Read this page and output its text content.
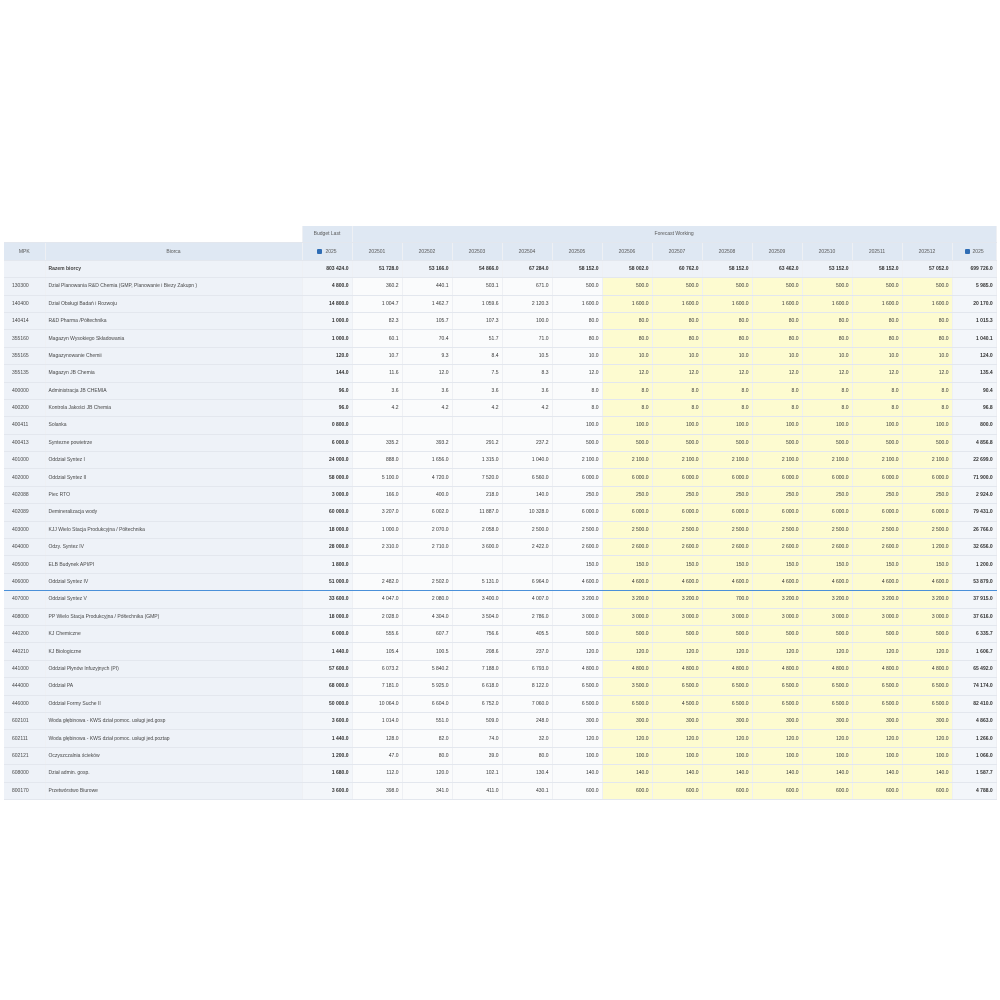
		Budget Last	Forecast Working												
MPK	Biorca	2025	202501	202502	202503	202504	202505	202506	202507	202508	202509	202510	202511	202512	2025
	Razem biorcy	803 424.0	51 728.0	53 166.0	54 866.0	67 284.0	58 152.0	58 002.0	60 762.0	58 152.0	63 462.0	53 152.0	58 152.0	57 052.0	699 726.0
130300	Dział Planowania R&D Chemia (GMP, Planowanie i Biezy Zakupn )	4 800.0	360.2	440.1	503.1	671.0	500.0	500.0	500.0	500.0	500.0	500.0	500.0	500.0	5 985.0
140400	Dział Obsługi Badań i Rozwoju	14 800.0	1 004.7	1 462.7	1 059.6	2 120.3	1 600.0	1 600.0	1 600.0	1 600.0	1 600.0	1 600.0	1 600.0	1 600.0	20 170.0
140414	R&D Pharma /Półtechnika	1 000.0	82.3	105.7	107.3	100.0	80.0	80.0	80.0	80.0	80.0	80.0	80.0	80.0	1 015.3
355160	Magazyn Wysokiego Składowania	1 000.0	60.1	70.4	51.7	71.0	80.0	80.0	80.0	80.0	80.0	80.0	80.0	80.0	1 040.1
355165	Magazynowanie Chemii	120.0	10.7	9.3	8.4	10.5	10.0	10.0	10.0	10.0	10.0	10.0	10.0	10.0	124.0
355135	Magazyn JB Chemia	144.0	11.6	12.0	7.5	8.3	12.0	12.0	12.0	12.0	12.0	12.0	12.0	12.0	135.4
400000	Administracja JB CHEMIA	96.0	3.6	3.6	3.6	3.6	8.0	8.0	8.0	8.0	8.0	8.0	8.0	8.0	90.4
400200	Kontrola Jakości JB Chemia	96.0	4.2	4.2	4.2	4.2	8.0	8.0	8.0	8.0	8.0	8.0	8.0	8.0	96.8
400411	Solanka	0 800.0					100.0	100.0	100.0	100.0	100.0	100.0	100.0	100.0	800.0
400413	Syntezne powietrze	6 000.0	335.2	393.2	291.2	237.2	500.0	500.0	500.0	500.0	500.0	500.0	500.0	500.0	4 856.8
401000	Oddział Syntez I	24 000.0	888.0	1 656.0	1 315.0	1 040.0	2 100.0	2 100.0	2 100.0	2 100.0	2 100.0	2 100.0	2 100.0	2 100.0	22 699.0
402000	Oddział Syntez II	58 000.0	5 100.0	4 720.0	7 520.0	6 560.0	6 000.0	6 000.0	6 000.0	6 000.0	6 000.0	6 000.0	6 000.0	6 000.0	71 900.0
402088	Piec RTO	3 000.0	166.0	400.0	218.0	140.0	250.0	250.0	250.0	250.0	250.0	250.0	250.0	250.0	2 924.0
402089	Demineralizacja wody	60 000.0	3 207.0	6 002.0	11 887.0	10 328.0	6 000.0	6 000.0	6 000.0	6 000.0	6 000.0	6 000.0	6 000.0	6 000.0	79 431.0
403000	KJJ Wielo Stacja Produkcyjna / Półtechnika	18 000.0	1 000.0	2 070.0	2 058.0	2 500.0	2 500.0	2 500.0	2 500.0	2 500.0	2 500.0	2 500.0	2 500.0	2 500.0	26 766.0
404000	Odzy. Syntez IV	28 000.0	2 310.0	2 710.0	3 600.0	2 422.0	2 600.0	2 600.0	2 600.0	2 600.0	2 600.0	2 600.0	2 600.0	1 200.0	32 656.0
405000	ELB Budynek API/PI	1 800.0					150.0	150.0	150.0	150.0	150.0	150.0	150.0	150.0	1 200.0
406000	Oddział Syntez IV	51 000.0	2 482.0	2 502.0	5 131.0	6 964.0	4 600.0	4 600.0	4 600.0	4 600.0	4 600.0	4 600.0	4 600.0	4 600.0	53 879.0
407000	Oddział Syntez V	33 600.0	4 047.0	2 080.0	3 400.0	4 007.0	3 200.0	3 200.0	3 200.0	700.0	3 200.0	3 200.0	3 200.0	3 200.0	37 915.0
408000	PP Wielo Stacja Produkcyjna / Półtechnika (GMP)	18 000.0	2 028.0	4 304.0	3 504.0	2 786.0	3 000.0	3 000.0	3 000.0	3 000.0	3 000.0	3 000.0	3 000.0	3 000.0	37 616.0
440200	KJ Chemiczne	6 000.0	555.6	607.7	756.6	405.5	500.0	500.0	500.0	500.0	500.0	500.0	500.0	500.0	6 335.7
440210	KJ Biologiczne	1 440.0	105.4	100.5	208.6	237.0	120.0	120.0	120.0	120.0	120.0	120.0	120.0	120.0	1 606.7
441000	Oddział Płynów Infuzyjnych (PI)	57 600.0	6 073.2	5 840.2	7 188.0	6 793.0	4 800.0	4 800.0	4 800.0	4 800.0	4 800.0	4 800.0	4 800.0	4 800.0	65 492.0
444000	Oddział PA	68 000.0	7 181.0	5 925.0	6 618.0	8 122.0	6 500.0	3 500.0	6 500.0	6 500.0	6 500.0	6 500.0	6 500.0	6 500.0	74 174.0
446000	Oddział Formy Suche II	50 000.0	10 064.0	6 604.0	6 752.0	7 060.0	6 500.0	6 500.0	4 500.0	6 500.0	6 500.0	6 500.0	6 500.0	6 500.0	82 410.0
602101	Woda głębinowa - KWS dział pomoc. usługi jed.gosp	3 600.0	1 014.0	551.0	509.0	248.0	300.0	300.0	300.0	300.0	300.0	300.0	300.0	300.0	4 863.0
602111	Woda głębinowa - KWS dział pomoc. usługi jed.poztap	1 440.0	128.0	82.0	74.0	32.0	120.0	120.0	120.0	120.0	120.0	120.0	120.0	120.0	1 266.0
602121	Oczyszczalnia ścieków	1 200.0	47.0	80.0	39.0	80.0	100.0	100.0	100.0	100.0	100.0	100.0	100.0	100.0	1 066.0
608000	Dział admin. gosp.	1 680.0	112.0	120.0	102.1	130.4	140.0	140.0	140.0	140.0	140.0	140.0	140.0	140.0	1 587.7
800170	Przetwórstwo Biurowe	3 600.0	398.0	341.0	411.0	430.1	600.0	600.0	600.0	600.0	600.0	600.0	600.0	600.0	4 788.0
